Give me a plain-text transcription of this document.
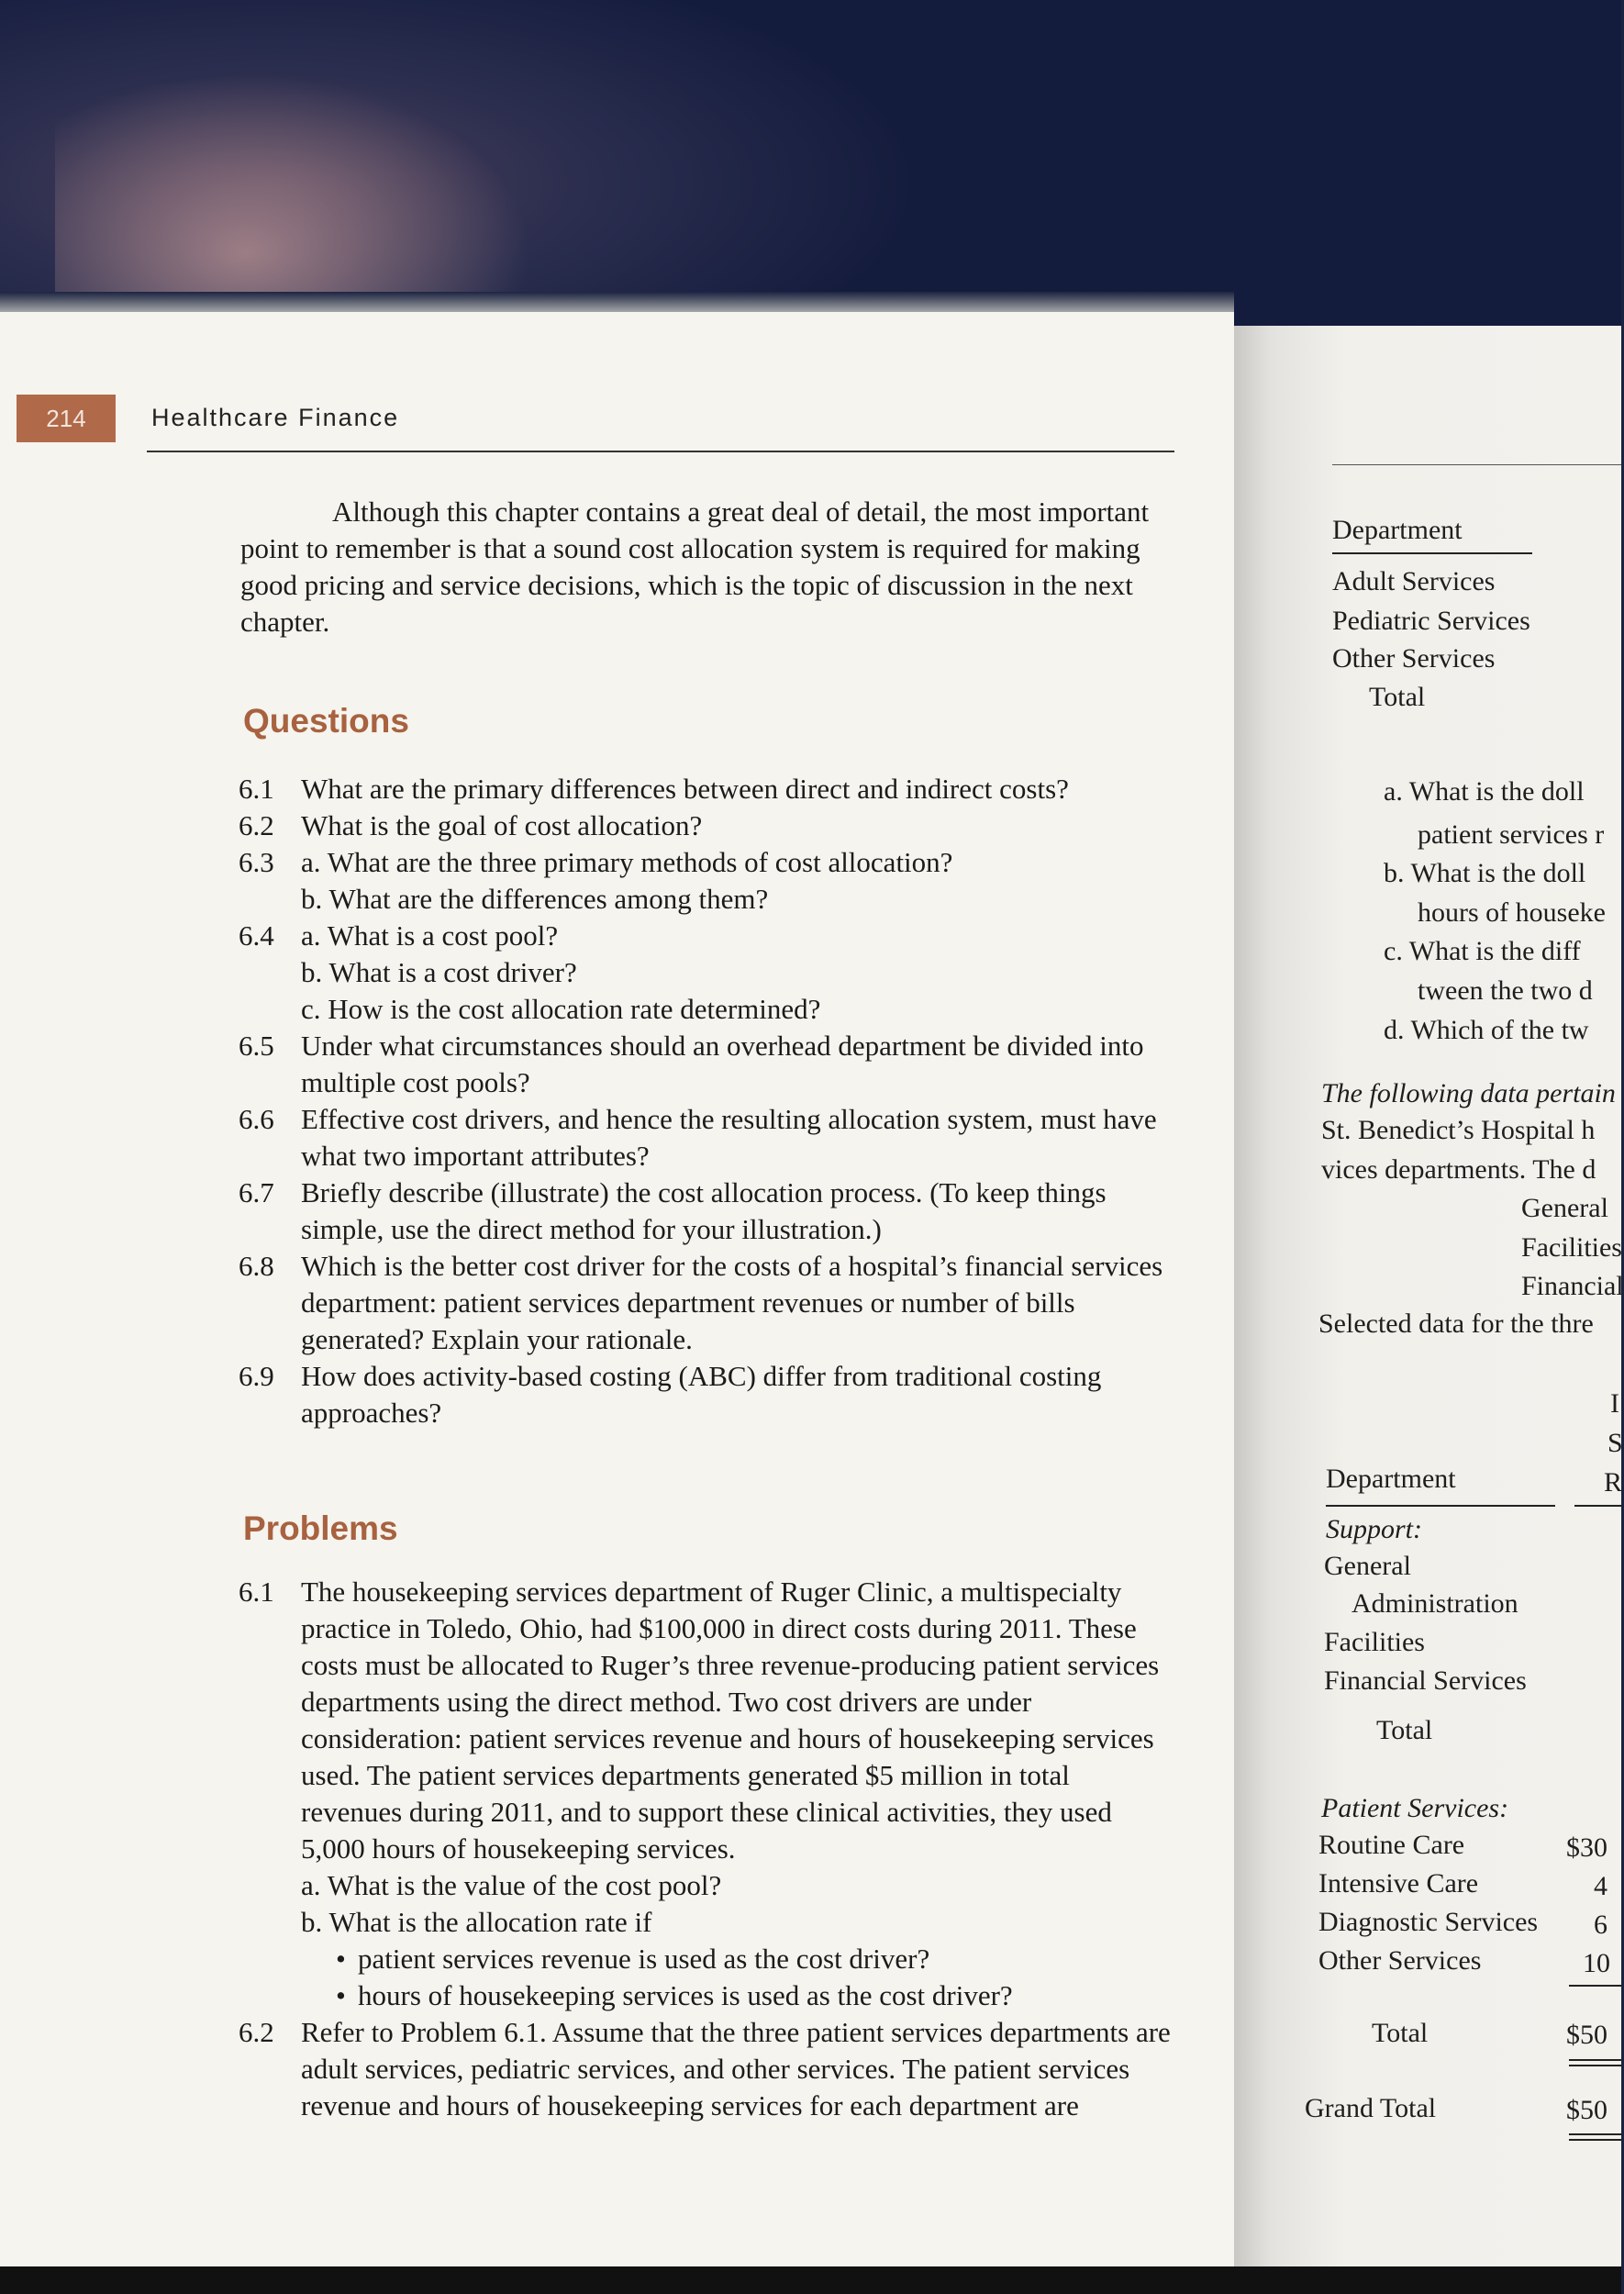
214	Healthcare Finance

Although this chapter contains a great deal of detail, the most important point to remember is that a sound cost allocation system is required for making good pricing and service decisions, which is the topic of discussion in the next chapter.

Questions
6.1 What are the primary differences between direct and indirect costs?
6.2 What is the goal of cost allocation?
6.3 a. What are the three primary methods of cost allocation?
b. What are the differences among them?
6.4 a. What is a cost pool?
b. What is a cost driver?
c. How is the cost allocation rate determined?
6.5 Under what circumstances should an overhead department be divided into multiple cost pools?
6.6 Effective cost drivers, and hence the resulting allocation system, must have what two important attributes?
6.7 Briefly describe (illustrate) the cost allocation process. (To keep things simple, use the direct method for your illustration.)
6.8 Which is the better cost driver for the costs of a hospital’s financial services department: patient services department revenues or number of bills generated? Explain your rationale.
6.9 How does activity-based costing (ABC) differ from traditional costing approaches?
Problems
6.1 The housekeeping services department of Ruger Clinic, a multispecialty practice in Toledo, Ohio, had $100,000 in direct costs during 2011. These costs must be allocated to Ruger’s three revenue-producing patient services departments using the direct method. Two cost drivers are under consideration: patient services revenue and hours of housekeeping services used. The patient services departments generated $5 million in total revenues during 2011, and to support these clinical activities, they used 5,000 hours of housekeeping services.
a. What is the value of the cost pool?
b. What is the allocation rate if
• patient services revenue is used as the cost driver?
• hours of housekeeping services is used as the cost driver?
6.2 Refer to Problem 6.1. Assume that the three patient services departments are adult services, pediatric services, and other services. The patient services revenue and hours of housekeeping services for each department are
Department
Adult Services
Pediatric Services
Other Services
Total
a. What is the doll
patient services r
b. What is the doll
hours of houseke
c. What is the diff
tween the two d
d. Which of the tw
The following data pertain
St. Benedict’s Hospital h
vices departments. The d
General
Facilities
Financial
Selected data for the thre
I
S
R
Department
Support:
General
Administration
Facilities
Financial Services
Total
Patient Services:
Routine Care
Intensive Care
Diagnostic Services
Other Services
Total
$30
4
6
10
$50
Grand Total	$50
